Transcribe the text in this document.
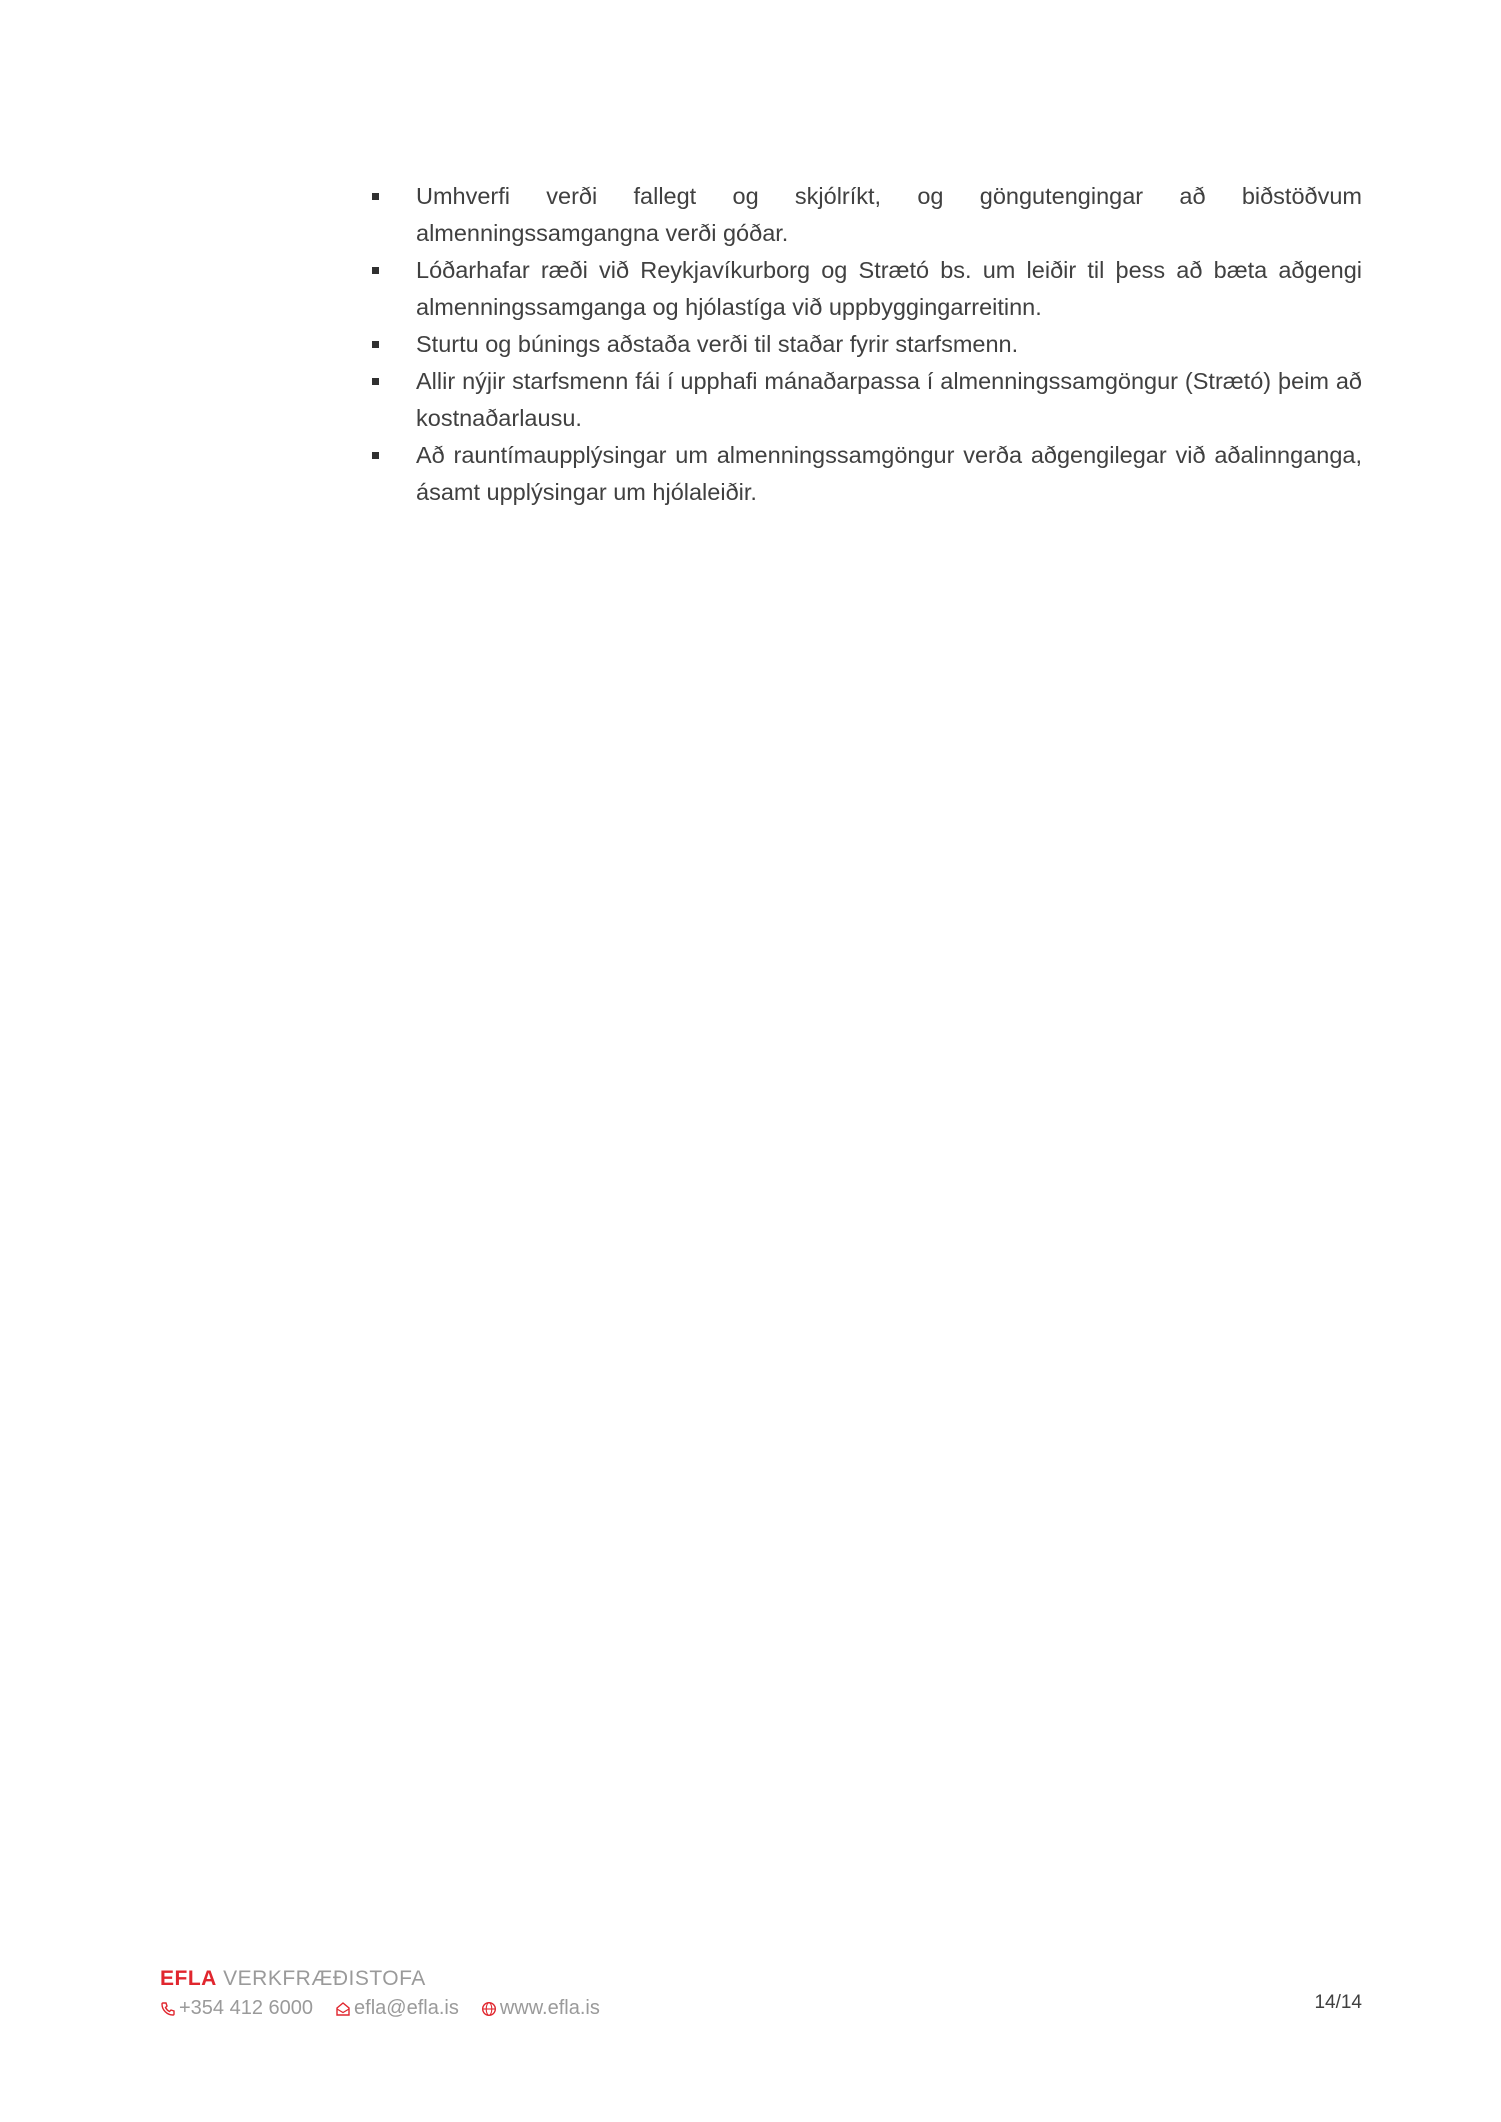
Umhverfi verði fallegt og skjólríkt, og göngutengingar að biðstöðvum almenningssamgangna verði góðar.
Lóðarhafar ræði við Reykjavíkurborg og Strætó bs. um leiðir til þess að bæta aðgengi almenningssamganga og hjólastíga við uppbyggingarreitinn.
Sturtu og búnings aðstaða verði til staðar fyrir starfsmenn.
Allir nýjir starfsmenn fái í upphafi mánaðarpassa í almenningssamgöngur (Strætó) þeim að kostnaðarlausu.
Að rauntímaupplýsingar um almenningssamgöngur verða aðgengilegar við aðalinnganga, ásamt upplýsingar um hjólaleiðir.
EFLA VERKFRÆÐISTOFA
+354 412 6000 efla@efla.is www.efla.is	14/14
